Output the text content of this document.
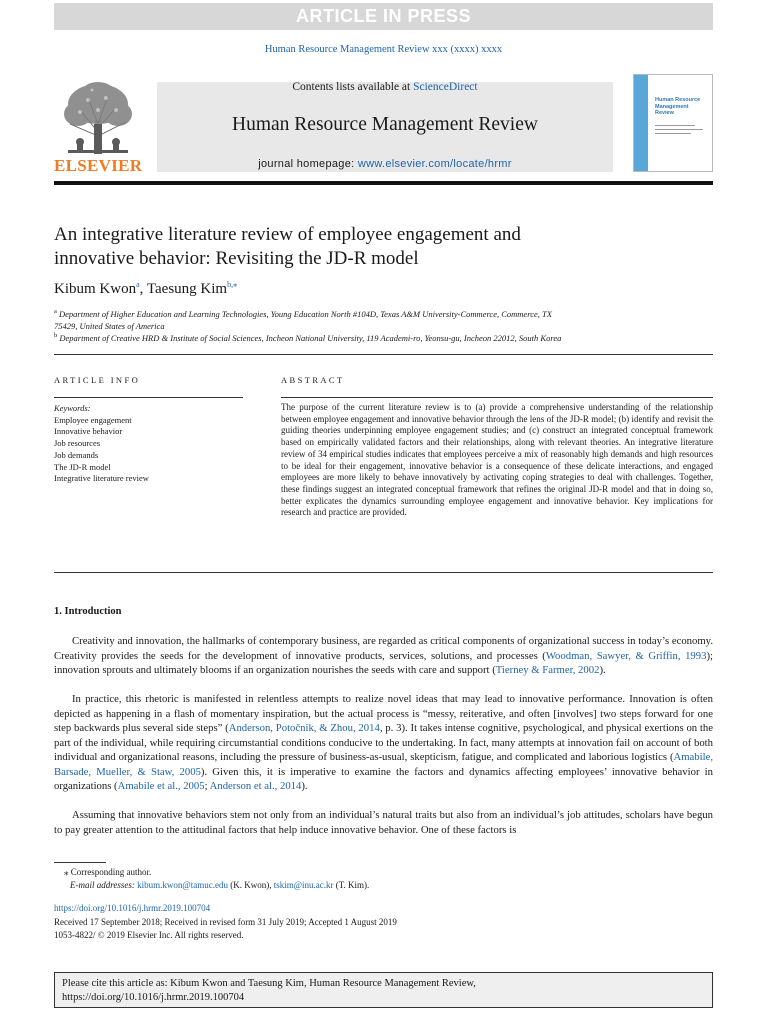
ARTICLE IN PRESS
Human Resource Management Review xxx (xxxx) xxxx
ELSEVIER
Contents lists available at ScienceDirect
Human Resource Management Review
journal homepage: www.elsevier.com/locate/hrmr
Human Resource
Management
Review
An integrative literature review of employee engagement and
innovative behavior: Revisiting the JD-R model
Kibum Kwon$^a$, Taesung Kim$^{b,⁎}$
$^a$ Department of Higher Education and Learning Technologies, Young Education North #104D, Texas A&M University-Commerce, Commerce, TX
75429, United States of America
$^b$ Department of Creative HRD & Institute of Social Sciences, Incheon National University, 119 Academi-ro, Yeonsu-gu, Incheon 22012, South Korea
ARTICLE INFO	ABSTRACT
Keywords:
Employee engagement
Innovative behavior
Job resources
Job demands
The JD-R model
Integrative literature review
The purpose of the current literature review is to (a) provide a comprehensive understanding of the relationship between employee engagement and innovative behavior through the lens of the JD-R model; (b) identify and revisit the guiding theories underpinning employee engagement studies; and (c) construct an integrated conceptual framework based on empirically validated factors and their relationships, along with relevant theories. An integrative literature review of 34 empirical studies indicates that employees perceive a mix of reasonably high demands and high resources to be ideal for their engagement, innovative behavior is a consequence of these delicate interactions, and engaged employees are more likely to behave innovatively by activating coping strategies to deal with challenges. Together, these findings suggest an integrated conceptual framework that refines the original JD-R model and that in doing so, better explicates the dynamics surrounding employee engagement and innovative behavior. Key implications for research and practice are provided.
1. Introduction
Creativity and innovation, the hallmarks of contemporary business, are regarded as critical components of organizational success in today’s economy. Creativity provides the seeds for the development of innovative products, services, solutions, and processes (Woodman, Sawyer, & Griffin, 1993); innovation sprouts and ultimately blooms if an organization nourishes the seeds with care and support (Tierney & Farmer, 2002).
In practice, this rhetoric is manifested in relentless attempts to realize novel ideas that may lead to innovative performance. Innovation is often depicted as happening in a flash of momentary inspiration, but the actual process is “messy, reiterative, and often [involves] two steps forward for one step backwards plus several side steps” (Anderson, Potočnik, & Zhou, 2014, p. 3). It takes intense cognitive, psychological, and physical exertions on the part of the individual, while requiring circumstantial conditions conducive to the undertaking. In fact, many attempts at innovation fail on account of both individual and organizational reasons, including the pressure of business-as-usual, skepticism, fatigue, and complicated and laborious logistics (Amabile, Barsade, Mueller, & Staw, 2005). Given this, it is imperative to examine the factors and dynamics affecting employees’ innovative behavior in organizations (Amabile et al., 2005; Anderson et al., 2014).
Assuming that innovative behaviors stem not only from an individual’s natural traits but also from an individual’s job attitudes, scholars have begun to pay greater attention to the attitudinal factors that help induce innovative behavior. One of these factors is
⁎ Corresponding author.
E-mail addresses: kibum.kwon@tamuc.edu (K. Kwon), tskim@inu.ac.kr (T. Kim).
https://doi.org/10.1016/j.hrmr.2019.100704
Received 17 September 2018; Received in revised form 31 July 2019; Accepted 1 August 2019
1053-4822/ © 2019 Elsevier Inc. All rights reserved.
Please cite this article as: Kibum Kwon and Taesung Kim, Human Resource Management Review,
https://doi.org/10.1016/j.hrmr.2019.100704
